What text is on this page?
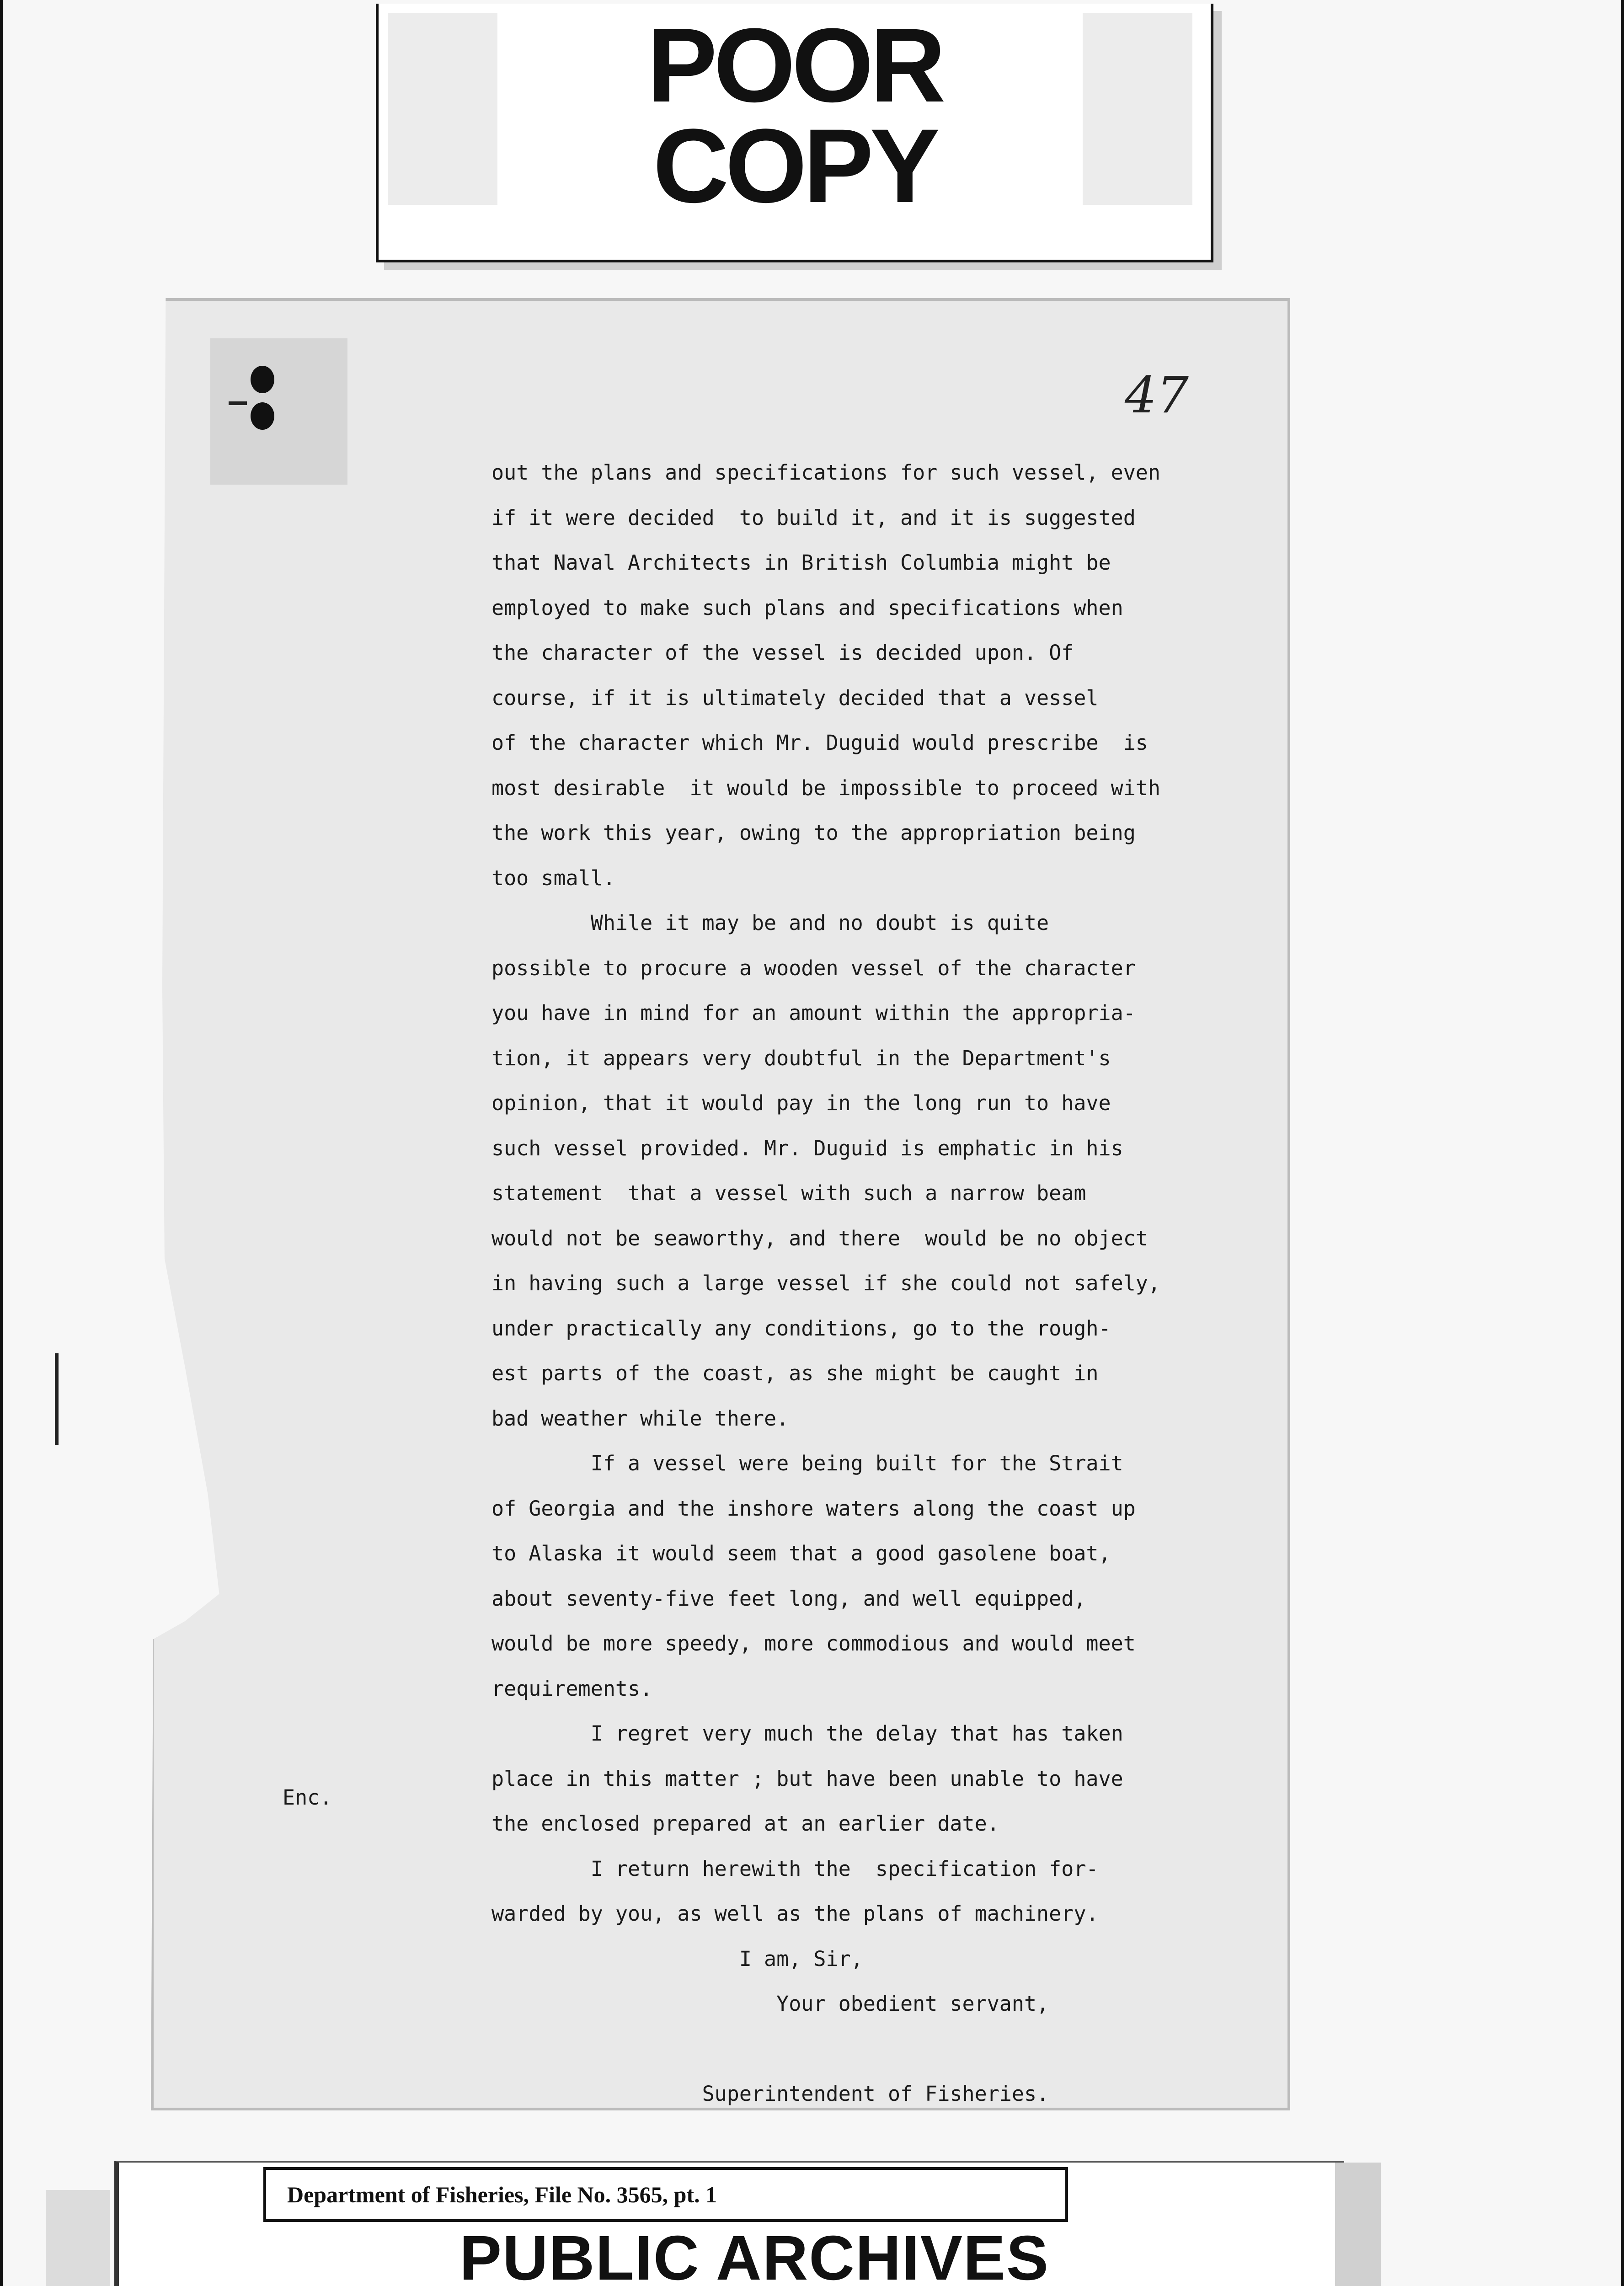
POOR
COPY
47
out the plans and specifications for such vessel, even
if it were decided  to build it, and it is suggested
that Naval Architects in British Columbia might be
employed to make such plans and specifications when
the character of the vessel is decided upon. Of
course, if it is ultimately decided that a vessel
of the character which Mr. Duguid would prescribe  is
most desirable  it would be impossible to proceed with
the work this year, owing to the appropriation being
too small.
While it may be and no doubt is quite
possible to procure a wooden vessel of the character
you have in mind for an amount within the appropria-
tion, it appears very doubtful in the Department's
opinion, that it would pay in the long run to have
such vessel provided. Mr. Duguid is emphatic in his
statement  that a vessel with such a narrow beam
would not be seaworthy, and there  would be no object
in having such a large vessel if she could not safely,
under practically any conditions, go to the rough-
est parts of the coast, as she might be caught in
bad weather while there.
If a vessel were being built for the Strait
of Georgia and the inshore waters along the coast up
to Alaska it would seem that a good gasolene boat,
about seventy-five feet long, and well equipped,
would be more speedy, more commodious and would meet
requirements.
I regret very much the delay that has taken
place in this matter ; but have been unable to have
the enclosed prepared at an earlier date.
I return herewith the  specification for-
warded by you, as well as the plans of machinery.
I am, Sir,
Your obedient servant,
Superintendent of Fisheries.
Enc.
Department of Fisheries, File No. 3565, pt. 1
PUBLIC ARCHIVES
